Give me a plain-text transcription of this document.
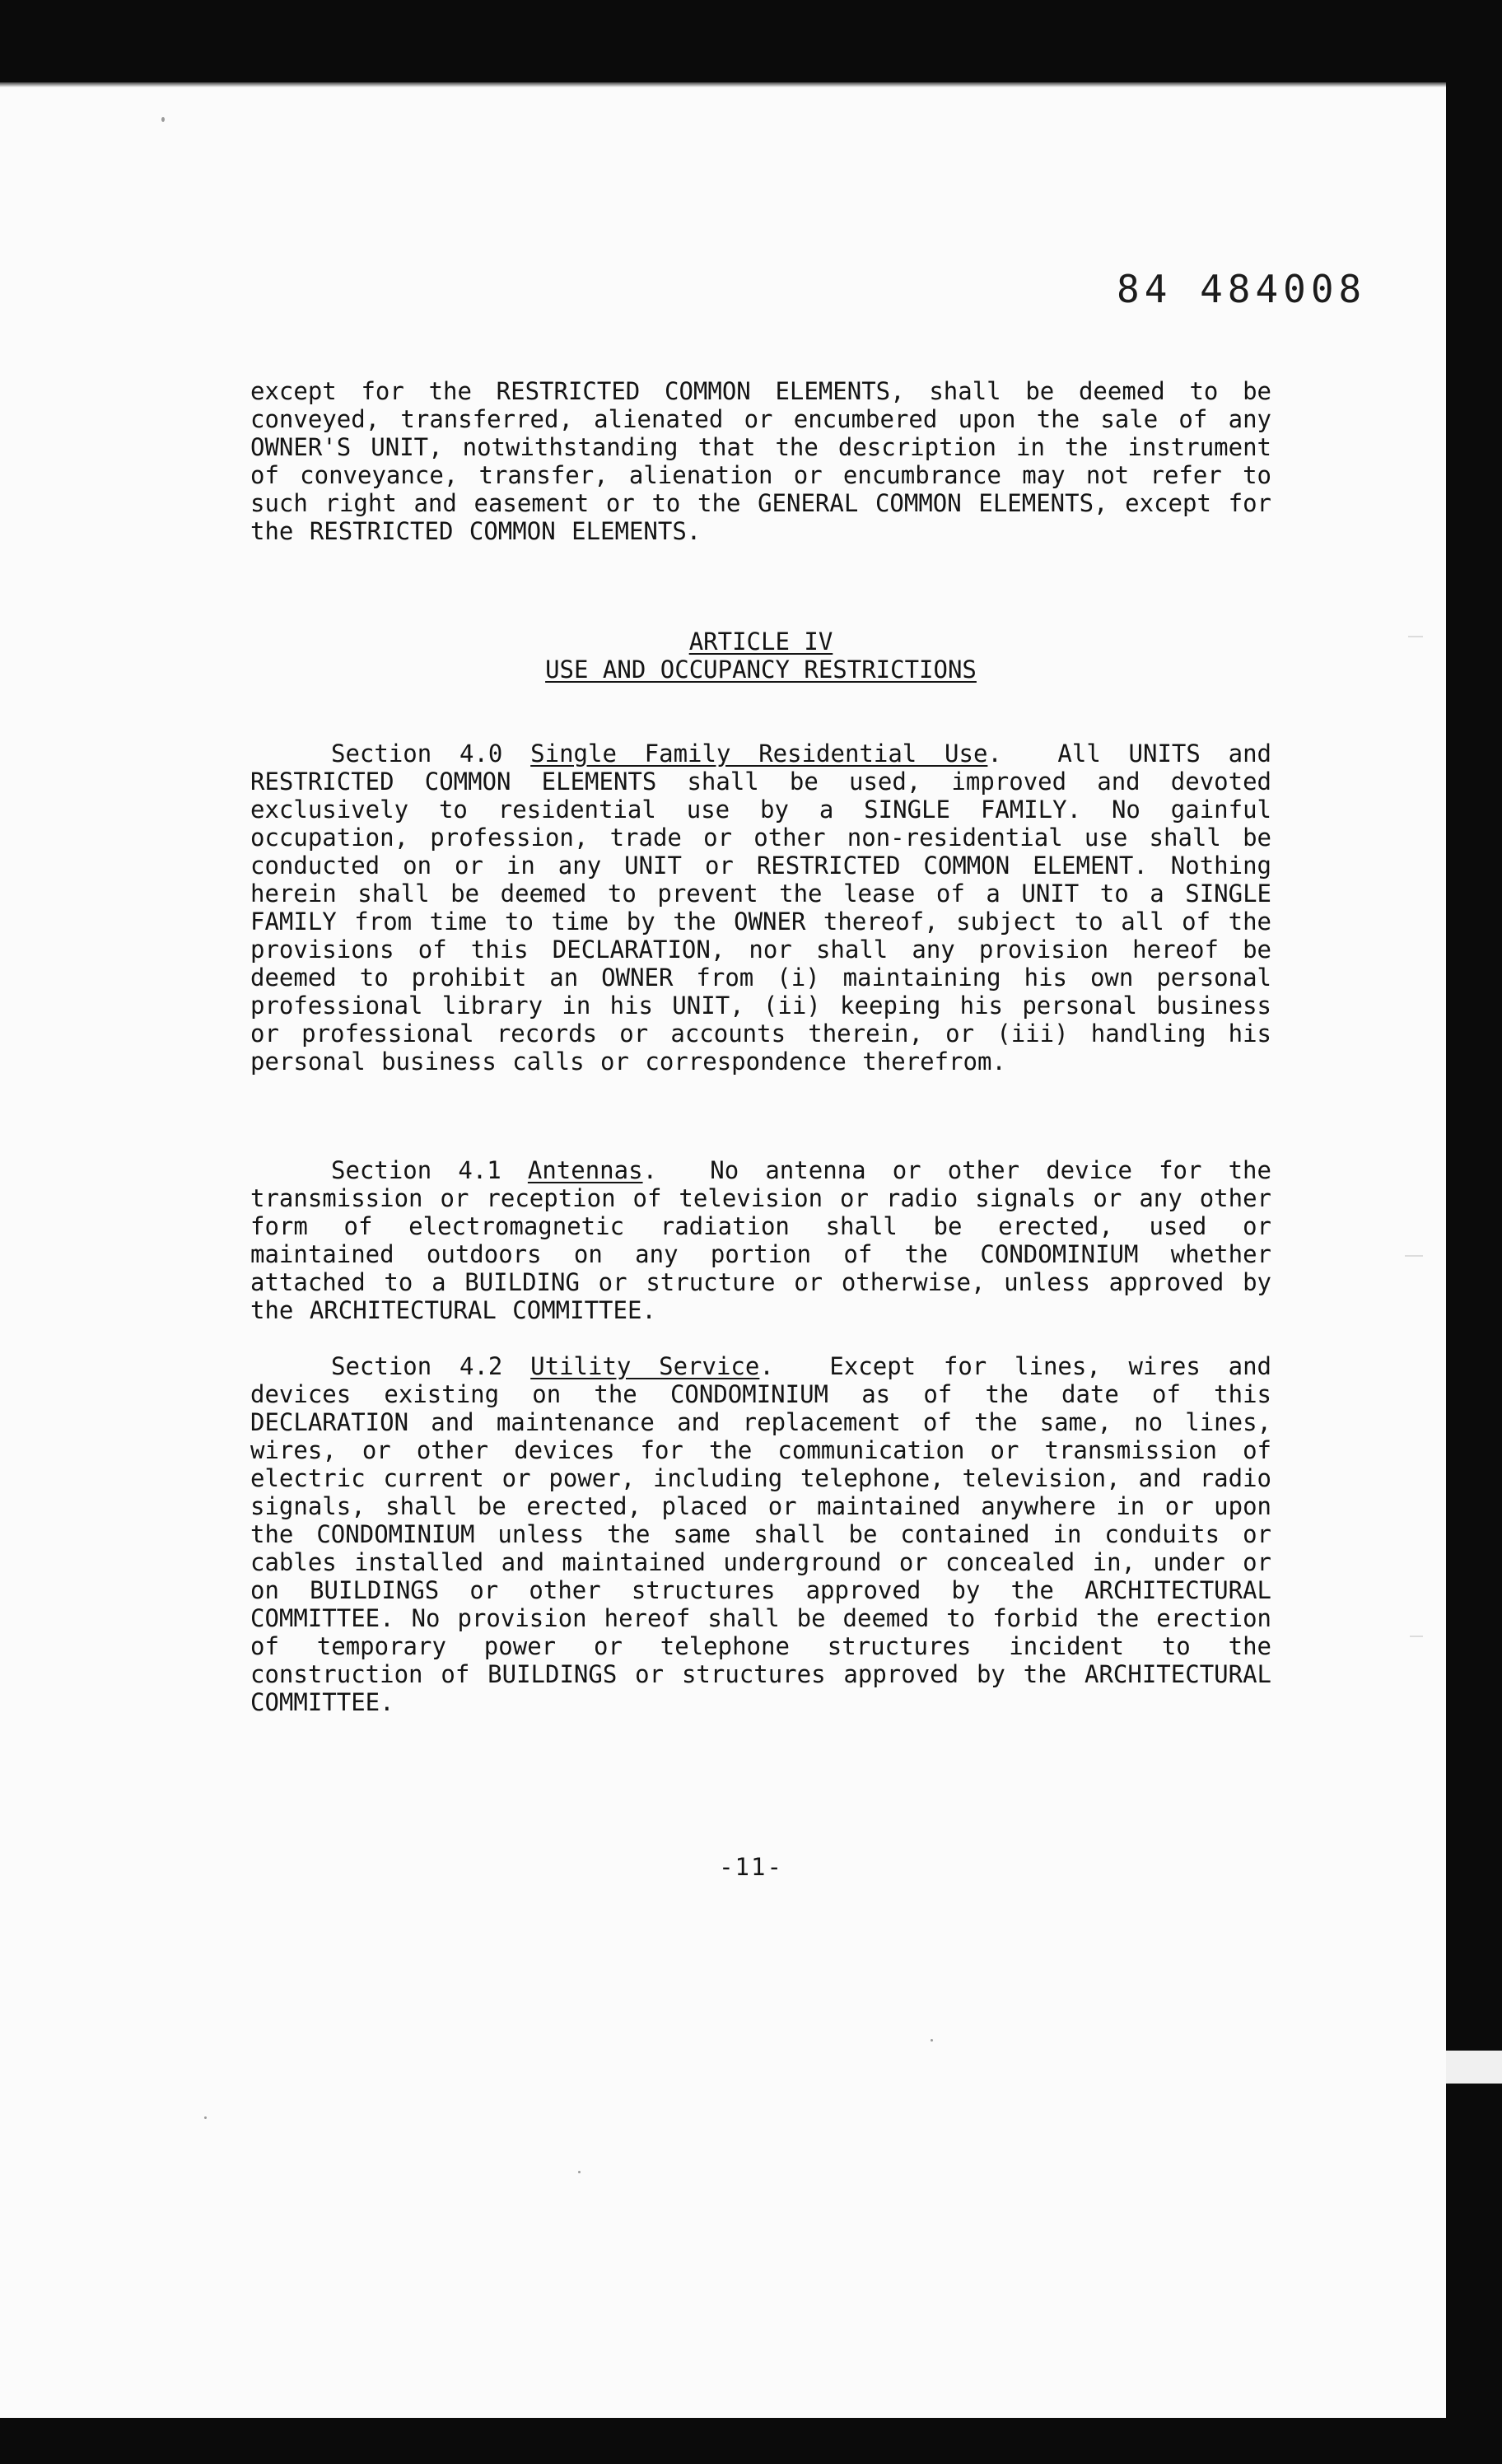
84 484008

except for the RESTRICTED COMMON ELEMENTS, shall be deemed to be conveyed, transferred, alienated or encumbered upon the sale of any OWNER'S UNIT, notwithstanding that the description in the instrument of conveyance, transfer, alienation or encumbrance may not refer to such right and easement or to the GENERAL COMMON ELEMENTS, except for the RESTRICTED COMMON ELEMENTS.

ARTICLE IV
USE AND OCCUPANCY RESTRICTIONS

Section 4.0 Single Family Residential Use.  All UNITS and RESTRICTED COMMON ELEMENTS shall be used, improved and devoted exclusively to residential use by a SINGLE FAMILY. No gainful occupation, profession, trade or other non-residential use shall be conducted on or in any UNIT or RESTRICTED COMMON ELEMENT. Nothing herein shall be deemed to prevent the lease of a UNIT to a SINGLE FAMILY from time to time by the OWNER thereof, subject to all of the provisions of this DECLARATION, nor shall any provision hereof be deemed to prohibit an OWNER from (i) maintaining his own personal professional library in his UNIT, (ii) keeping his personal business or professional records or accounts therein, or (iii) handling his personal business calls or correspondence therefrom.

Section 4.1 Antennas.  No antenna or other device for the transmission or reception of television or radio signals or any other form of electromagnetic radiation shall be erected, used or maintained outdoors on any portion of the CONDOMINIUM whether attached to a BUILDING or structure or otherwise, unless approved by the ARCHITECTURAL COMMITTEE.

Section 4.2 Utility Service.  Except for lines, wires and devices existing on the CONDOMINIUM as of the date of this DECLARATION and maintenance and replacement of the same, no lines, wires, or other devices for the communication or transmission of electric current or power, including telephone, television, and radio signals, shall be erected, placed or maintained anywhere in or upon the CONDOMINIUM unless the same shall be contained in conduits or cables installed and maintained underground or concealed in, under or on BUILDINGS or other structures approved by the ARCHITECTURAL COMMITTEE. No provision hereof shall be deemed to forbid the erection of temporary power or telephone structures incident to the construction of BUILDINGS or structures approved by the ARCHITECTURAL COMMITTEE.

-11-
